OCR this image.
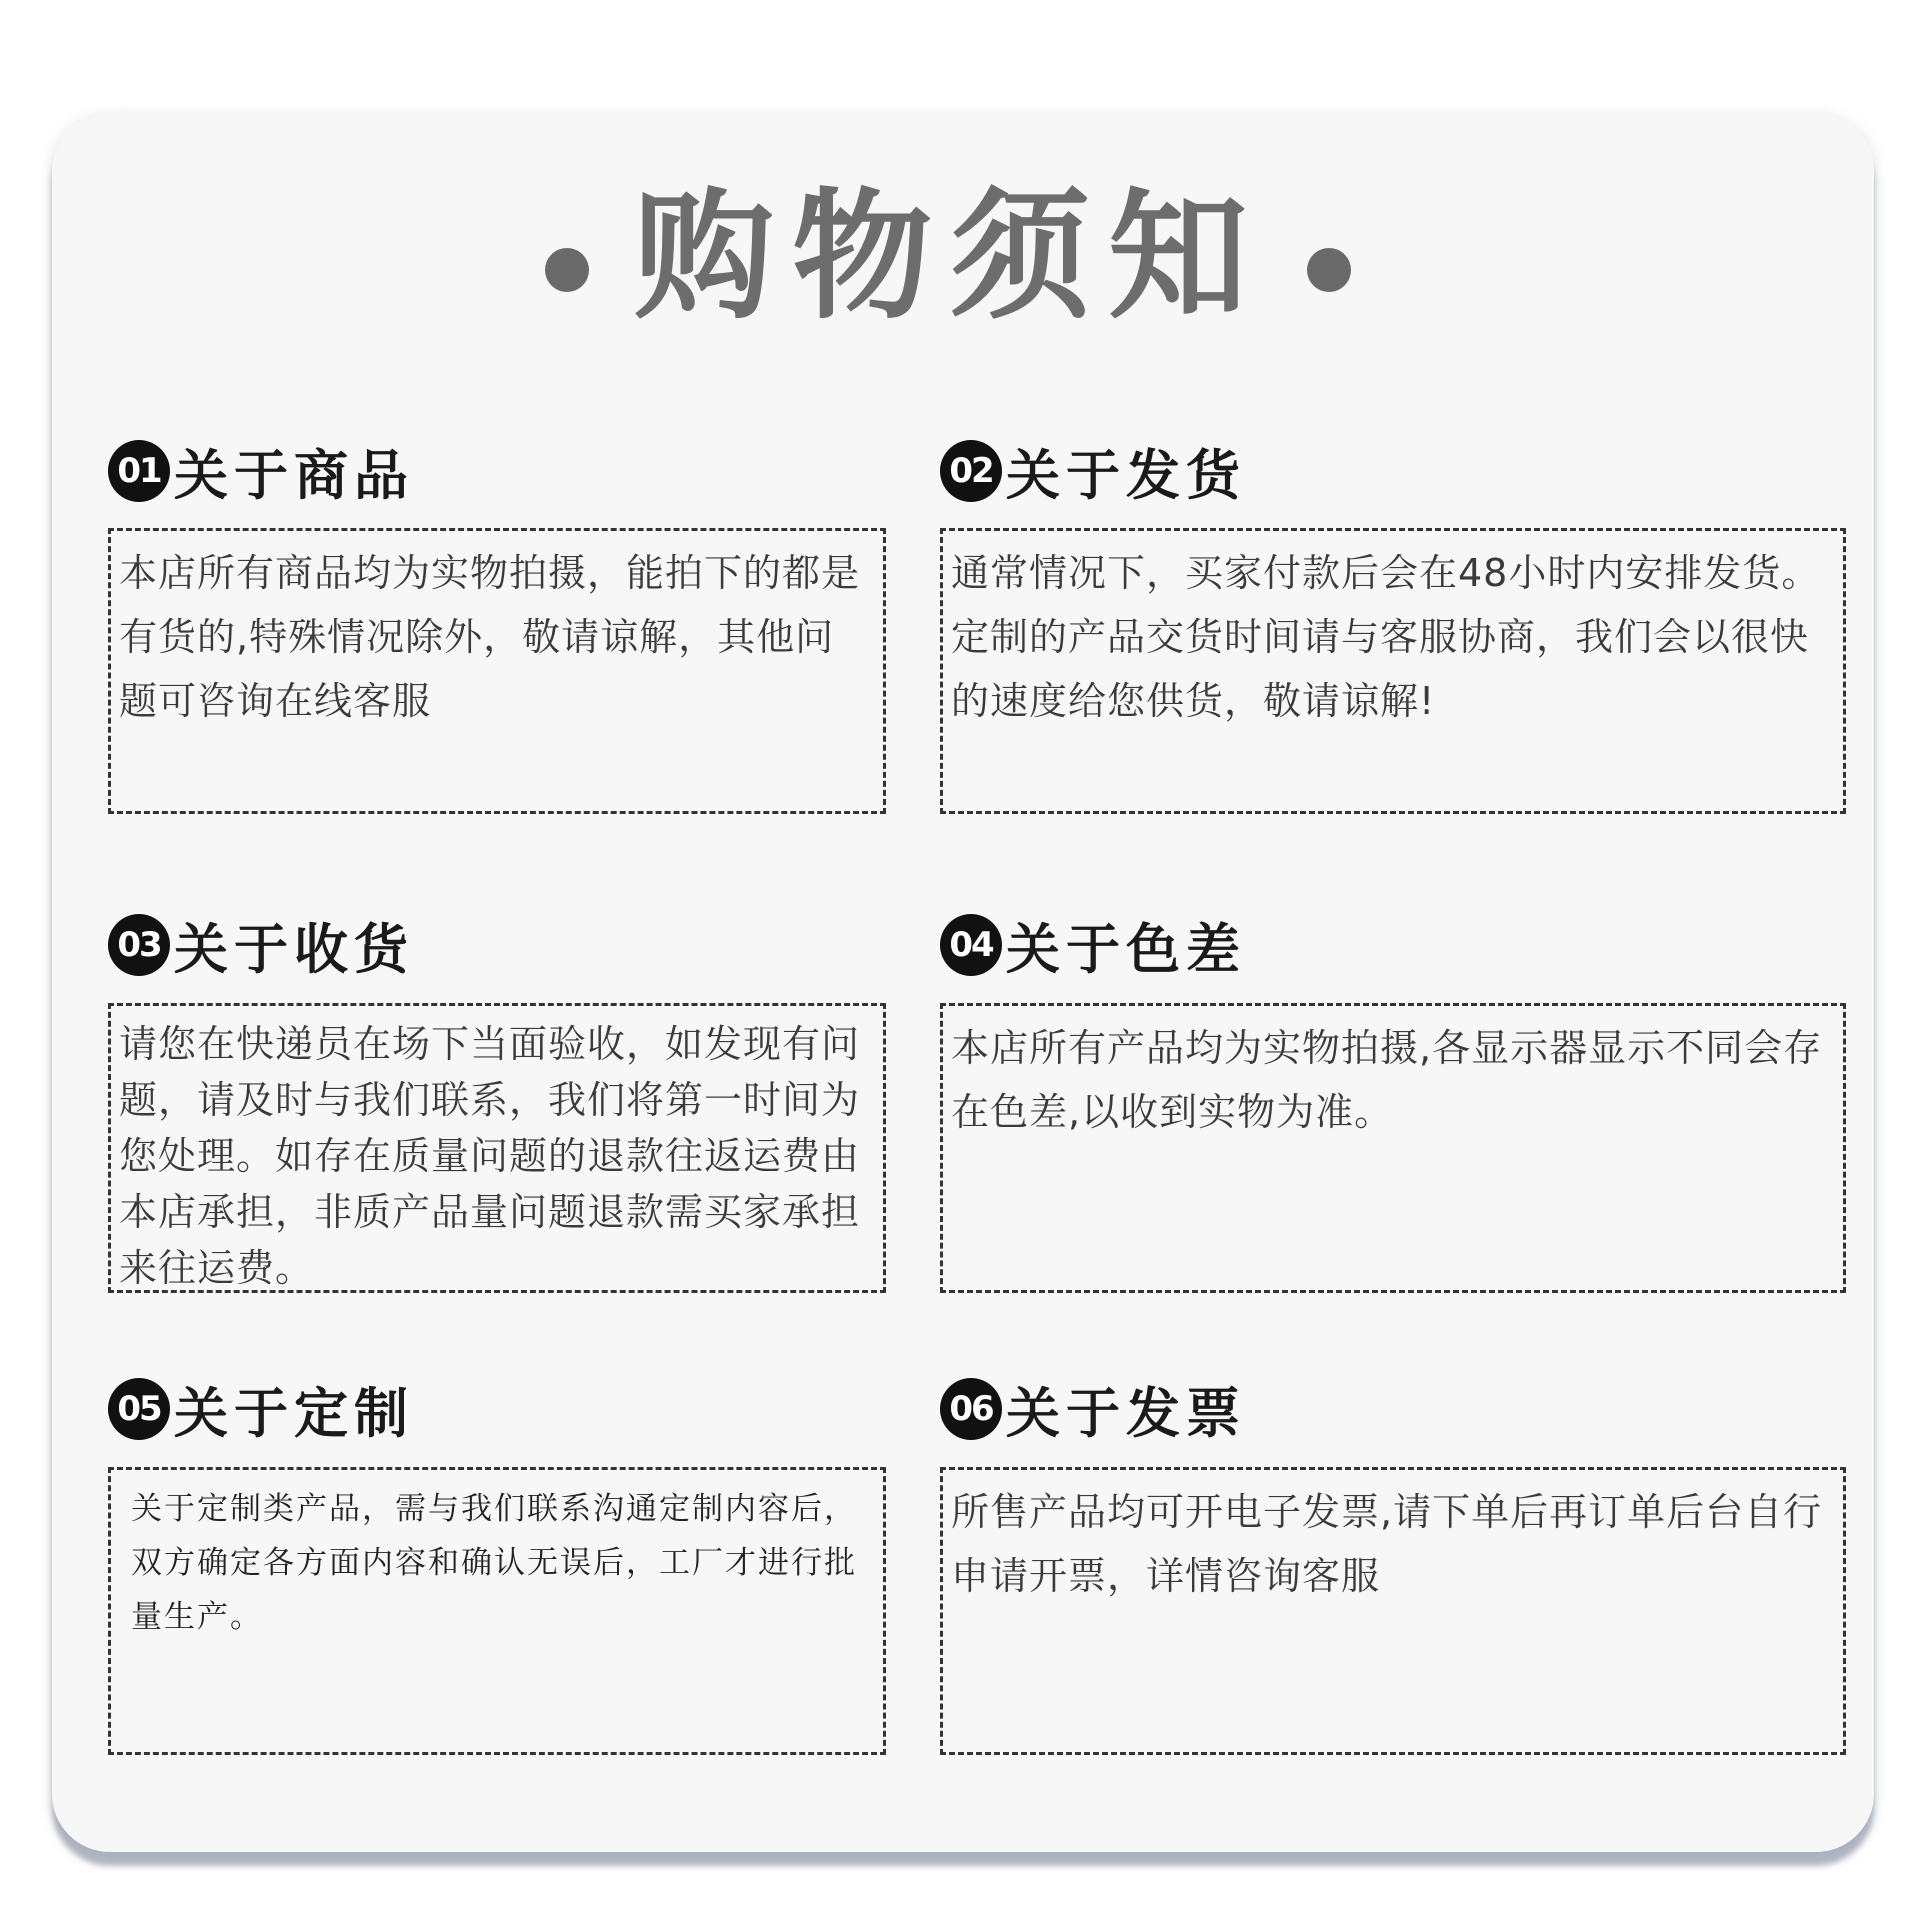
购物须知
01 关于商品
本店所有商品均为实物拍摄，能拍下的都是有货的,特殊情况除外，敬请谅解，其他问题可咨询在线客服
02 关于发货
通常情况下，买家付款后会在48小时内安排发货。定制的产品交货时间请与客服协商，我们会以很快的速度给您供货，敬请谅解!
03 关于收货
请您在快递员在场下当面验收，如发现有问题，请及时与我们联系，我们将第一时间为您处理。如存在质量问题的退款往返运费由本店承担，非质产品量问题退款需买家承担来往运费。
04 关于色差
本店所有产品均为实物拍摄,各显示器显示不同会存在色差,以收到实物为准。
05 关于定制
关于定制类产品，需与我们联系沟通定制内容后，双方确定各方面内容和确认无误后，工厂才进行批量生产。
06 关于发票
所售产品均可开电子发票,请下单后再订单后台自行申请开票，详情咨询客服
